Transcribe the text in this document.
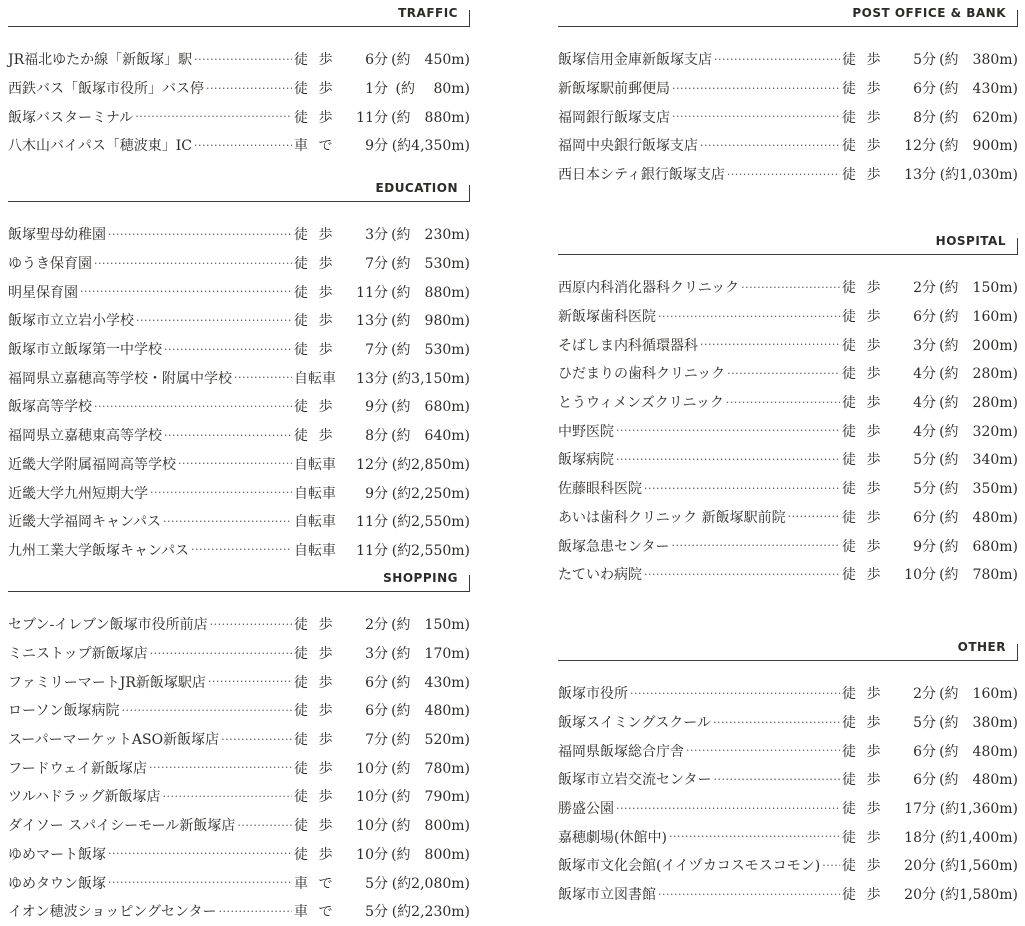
TRAFFIC
JR福北ゆたか線「新飯塚」駅 ·····	徒 歩	6分 (約　450m)
西鉄バス「飯塚市役所」バス停 ·····	徒 歩	1分 (約　 80m)
飯塚バスターミナル ·····	徒 歩	11分 (約　880m)
八木山バイパス「穂波東」IC ·····	車 で	9分 (約4,350m)
EDUCATION
飯塚聖母幼稚園 ·····	徒 歩	3分 (約　230m)
ゆうき保育園 ·····	徒 歩	7分 (約　530m)
明星保育園 ·····	徒 歩	11分 (約　880m)
飯塚市立立岩小学校 ·····	徒 歩	13分 (約　980m)
飯塚市立飯塚第一中学校 ·····	徒 歩	7分 (約　530m)
福岡県立嘉穂高等学校・附属中学校 ·····	自転車	13分 (約3,150m)
飯塚高等学校 ·····	徒 歩	9分 (約　680m)
福岡県立嘉穂東高等学校 ·····	徒 歩	8分 (約　640m)
近畿大学附属福岡高等学校 ·····	自転車	12分 (約2,850m)
近畿大学九州短期大学 ·····	自転車	9分 (約2,250m)
近畿大学福岡キャンパス ·····	自転車	11分 (約2,550m)
九州工業大学飯塚キャンパス ·····	自転車	11分 (約2,550m)
SHOPPING
セブン-イレブン飯塚市役所前店 ·····	徒 歩	2分 (約　150m)
ミニストップ新飯塚店 ·····	徒 歩	3分 (約　170m)
ファミリーマートJR新飯塚駅店 ·····	徒 歩	6分 (約　430m)
ローソン飯塚病院 ·····	徒 歩	6分 (約　480m)
スーパーマーケットASO新飯塚店 ·····	徒 歩	7分 (約　520m)
フードウェイ新飯塚店 ·····	徒 歩	10分 (約　780m)
ツルハドラッグ新飯塚店 ·····	徒 歩	10分 (約　790m)
ダイソー スパイシーモール新飯塚店 ·····	徒 歩	10分 (約　800m)
ゆめマート飯塚 ·····	徒 歩	10分 (約　800m)
ゆめタウン飯塚 ·····	車 で	5分 (約2,080m)
イオン穂波ショッピングセンター ·····	車 で	5分 (約2,230m)
POST OFFICE & BANK
飯塚信用金庫新飯塚支店 ·····	徒 歩	5分 (約　380m)
新飯塚駅前郵便局 ·····	徒 歩	6分 (約　430m)
福岡銀行飯塚支店 ·····	徒 歩	8分 (約　620m)
福岡中央銀行飯塚支店 ·····	徒 歩	12分 (約　900m)
西日本シティ銀行飯塚支店 ·····	徒 歩	13分 (約1,030m)
HOSPITAL
西原内科消化器科クリニック ·····	徒 歩	2分 (約　150m)
新飯塚歯科医院 ·····	徒 歩	6分 (約　160m)
そばしま内科循環器科 ·····	徒 歩	3分 (約　200m)
ひだまりの歯科クリニック ·····	徒 歩	4分 (約　280m)
とうウィメンズクリニック ·····	徒 歩	4分 (約　280m)
中野医院 ·····	徒 歩	4分 (約　320m)
飯塚病院 ·····	徒 歩	5分 (約　340m)
佐藤眼科医院 ·····	徒 歩	5分 (約　350m)
あいは歯科クリニック 新飯塚駅前院 ·····	徒 歩	6分 (約　480m)
飯塚急患センター ·····	徒 歩	9分 (約　680m)
たていわ病院 ·····	徒 歩	10分 (約　780m)
OTHER
飯塚市役所 ·····	徒 歩	2分 (約　160m)
飯塚スイミングスクール ·····	徒 歩	5分 (約　380m)
福岡県飯塚総合庁舎 ·····	徒 歩	6分 (約　480m)
飯塚市立岩交流センター ·····	徒 歩	6分 (約　480m)
勝盛公園 ·····	徒 歩	17分 (約1,360m)
嘉穂劇場(休館中) ·····	徒 歩	18分 (約1,400m)
飯塚市文化会館(イイヅカコスモスコモン) ····· 徒 歩	20分 (約1,560m)
飯塚市立図書館 ·····	徒 歩	20分 (約1,580m)
